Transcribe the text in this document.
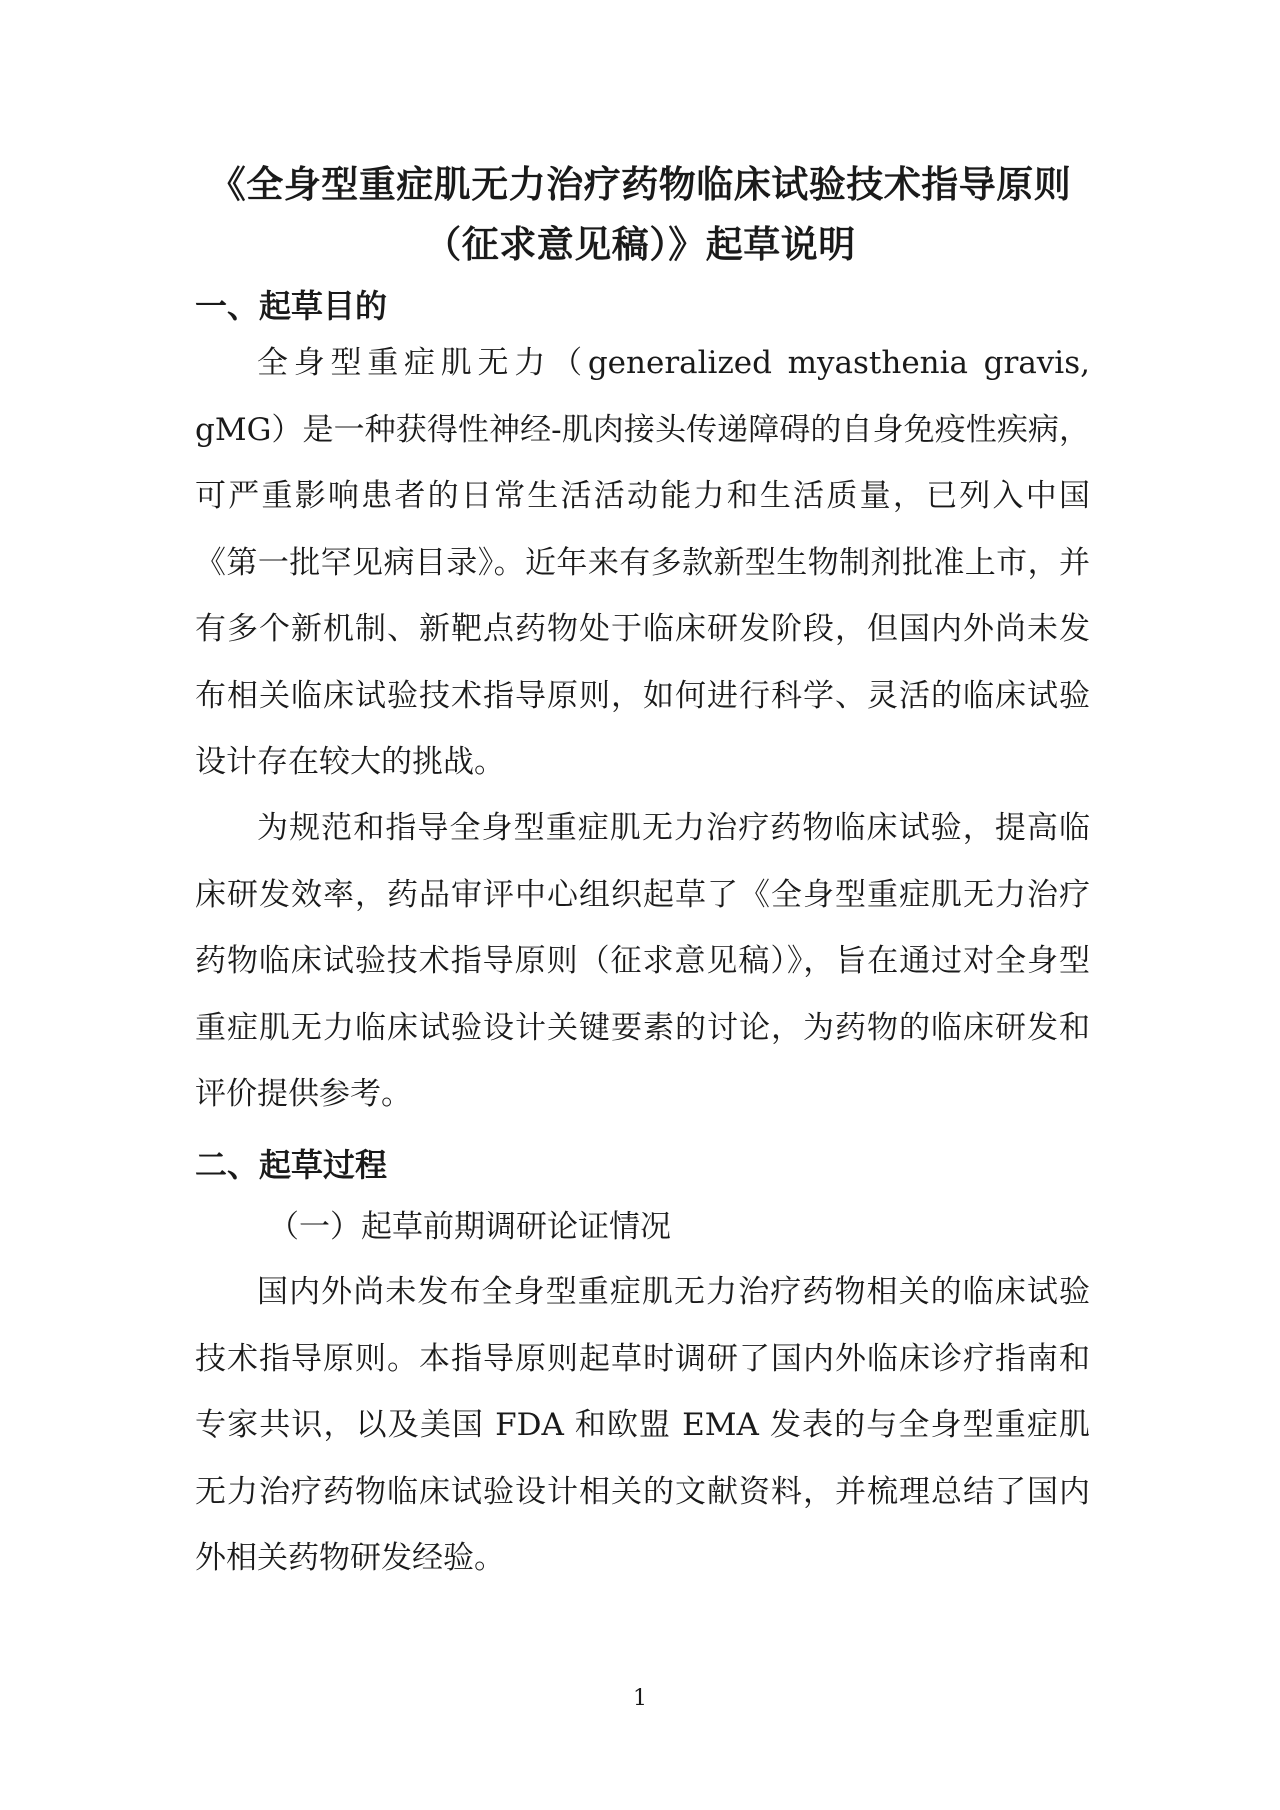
《全身型重症肌无力治疗药物临床试验技术指导原则
（征求意见稿）》起草说明
一、起草目的

全身型重症肌无力（generalized myasthenia gravis, gMG）是一种获得性神经-肌肉接头传递障碍的自身免疫性疾病，可严重影响患者的日常生活活动能力和生活质量，已列入中国《第一批罕见病目录》。近年来有多款新型生物制剂批准上市，并有多个新机制、新靶点药物处于临床研发阶段，但国内外尚未发布相关临床试验技术指导原则，如何进行科学、灵活的临床试验设计存在较大的挑战。

为规范和指导全身型重症肌无力治疗药物临床试验，提高临床研发效率，药品审评中心组织起草了《全身型重症肌无力治疗药物临床试验技术指导原则（征求意见稿）》，旨在通过对全身型重症肌无力临床试验设计关键要素的讨论，为药物的临床研发和评价提供参考。

二、起草过程
（一）起草前期调研论证情况

国内外尚未发布全身型重症肌无力治疗药物相关的临床试验技术指导原则。本指导原则起草时调研了国内外临床诊疗指南和专家共识，以及美国 FDA 和欧盟 EMA 发表的与全身型重症肌无力治疗药物临床试验设计相关的文献资料，并梳理总结了国内外相关药物研发经验。

1
